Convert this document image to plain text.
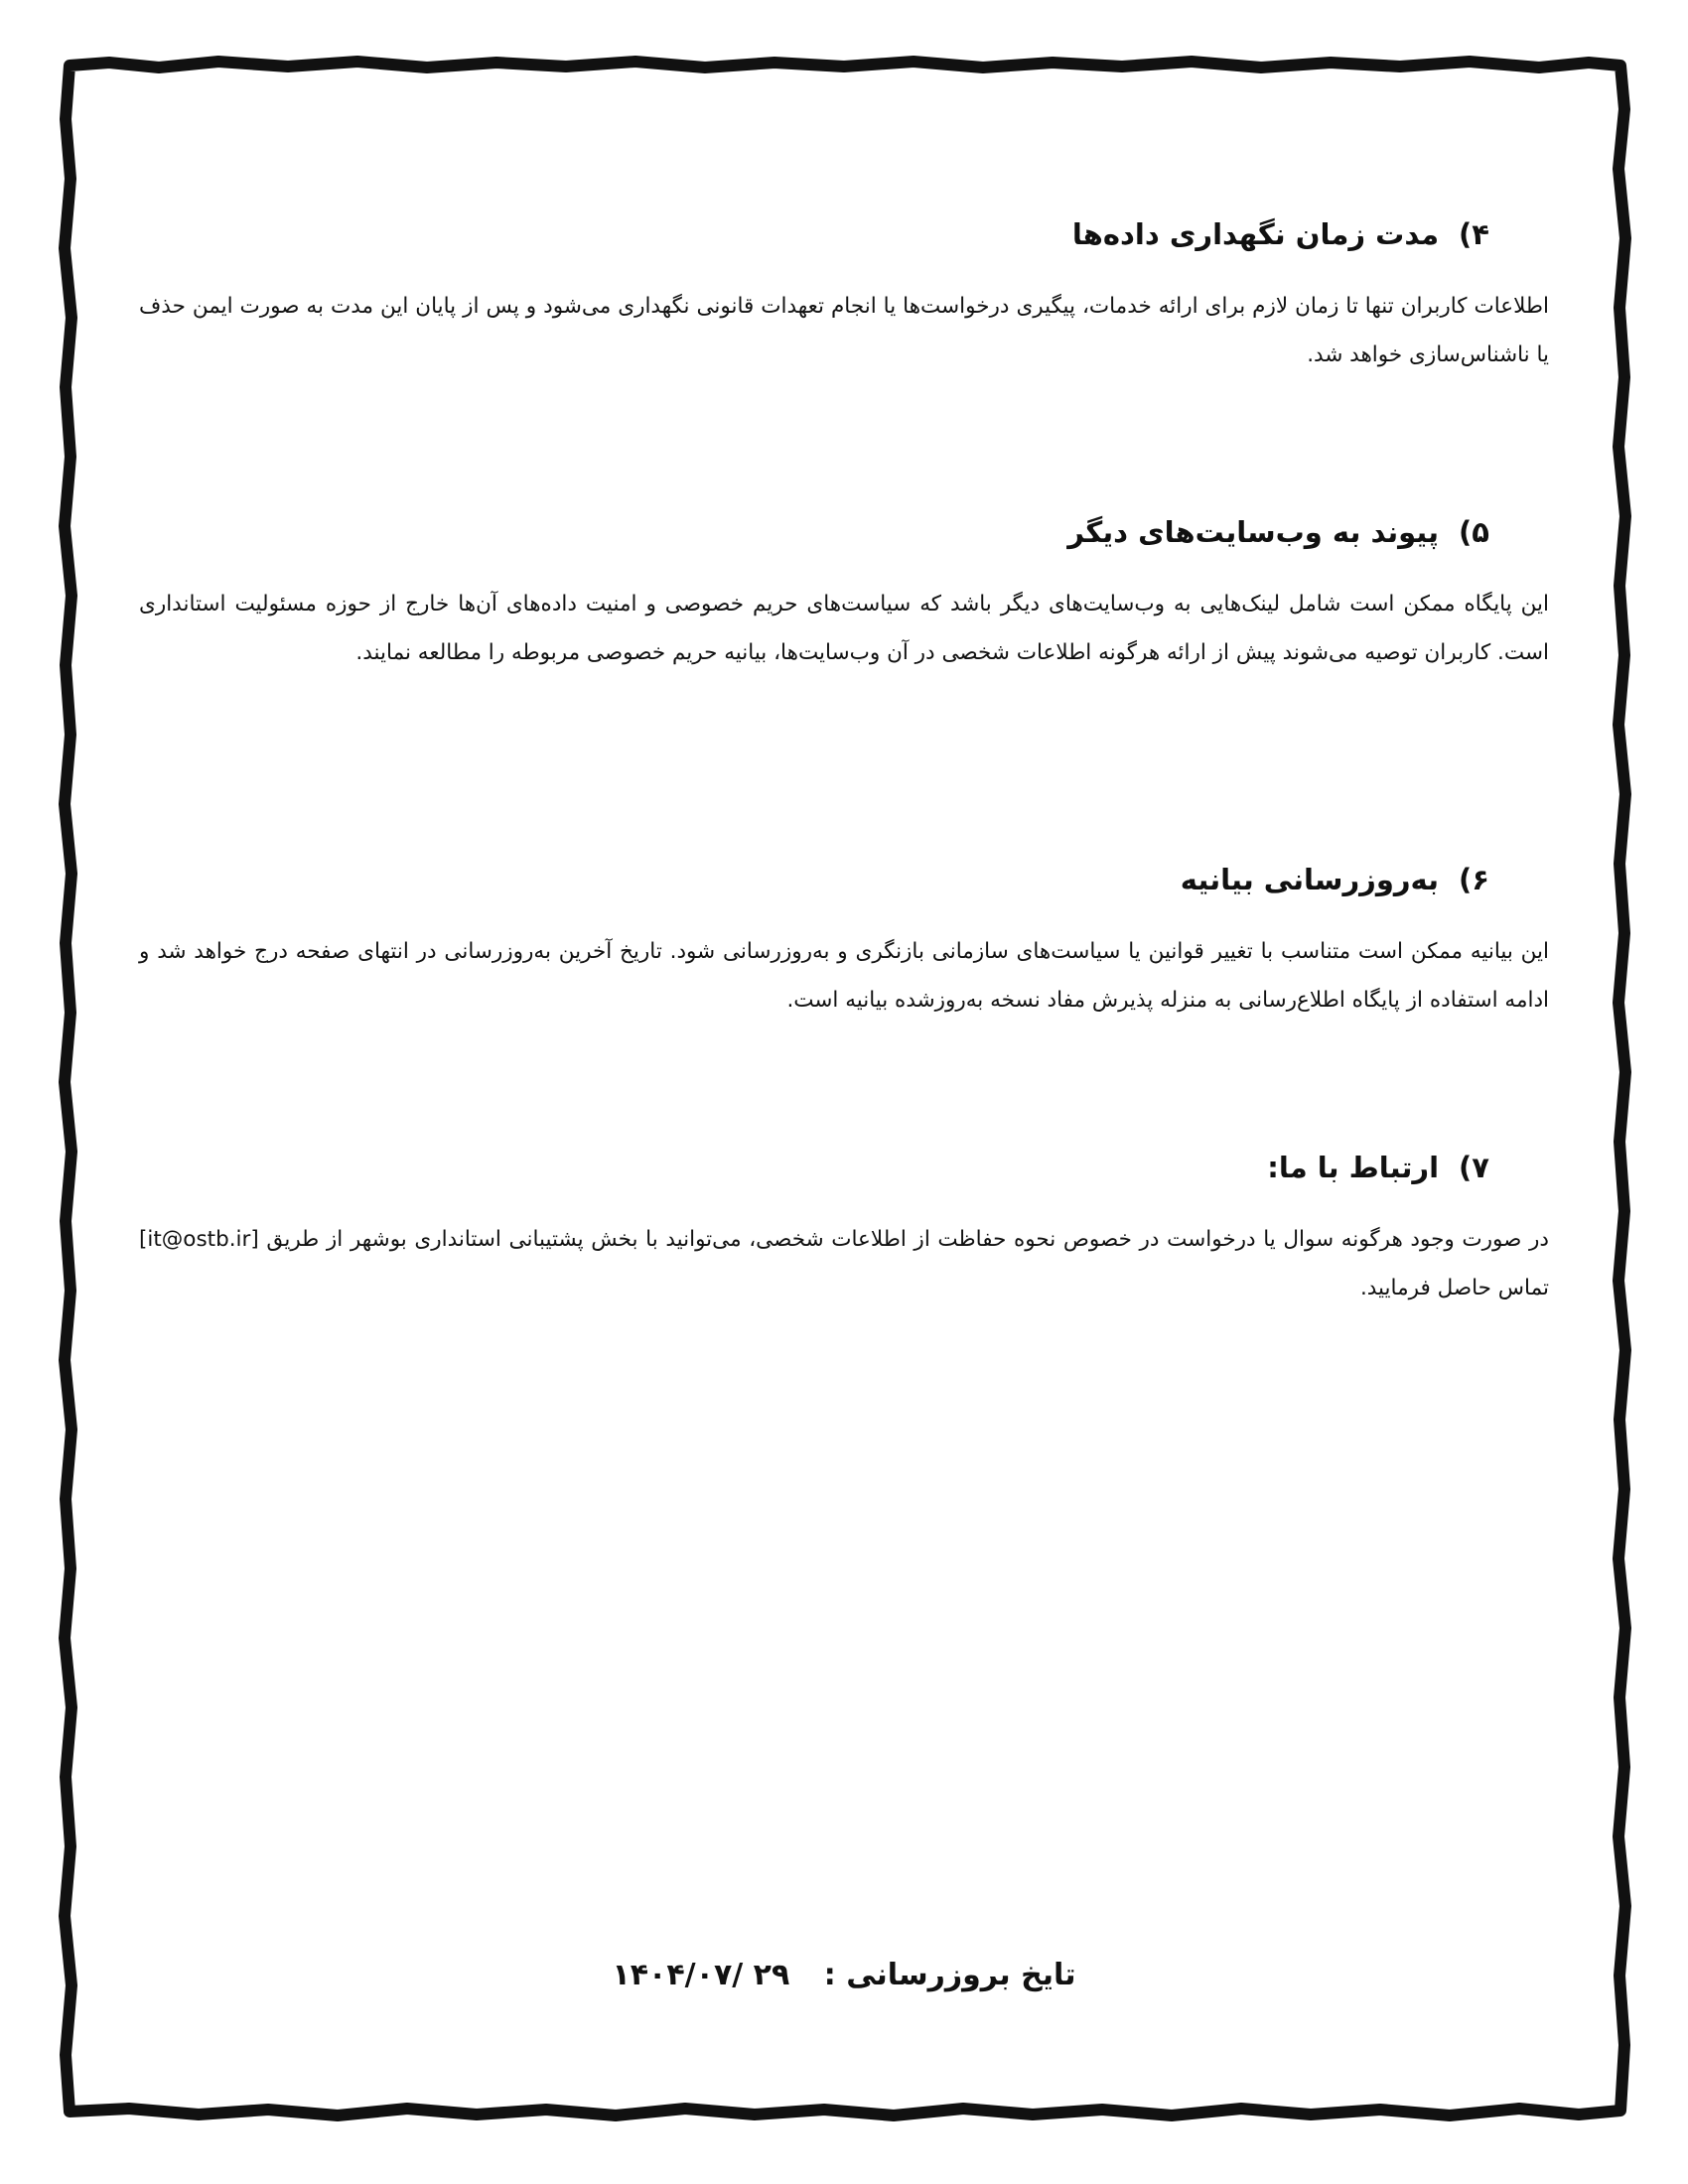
۴)
مدت زمان نگهداری داده‌ها

اطلاعات کاربران تنها تا زمان لازم برای ارائه خدمات، پیگیری درخواست‌ها یا انجام تعهدات قانونی نگهداری می‌شود و پس از پایان این مدت به صورت ایمن حذف یا ناشناس‌سازی خواهد شد.

۵)
پیوند به وب‌سایت‌های دیگر

این پایگاه ممکن است شامل لینک‌هایی به وب‌سایت‌های دیگر باشد که سیاست‌های حریم خصوصی و امنیت داده‌های آن‌ها خارج از حوزه مسئولیت استانداری است. کاربران توصیه می‌شوند پیش از ارائه هرگونه اطلاعات شخصی در آن وب‌سایت‌ها، بیانیه حریم خصوصی مربوطه را مطالعه نمایند.

۶)
به‌روزرسانی بیانیه

این بیانیه ممکن است متناسب با تغییر قوانین یا سیاست‌های سازمانی بازنگری و به‌روزرسانی شود. تاریخ آخرین به‌روزرسانی در انتهای صفحه درج خواهد شد و ادامه استفاده از پایگاه اطلاع‌رسانی به منزله پذیرش مفاد نسخه به‌روزشده بیانیه است.

۷)
ارتباط با ما:

در صورت وجود هرگونه سوال یا درخواست در خصوص نحوه حفاظت از اطلاعات شخصی، می‌توانید با بخش پشتیبانی استانداری بوشهر از طریق [it@ostb.ir] تماس حاصل فرمایید.

تایخ بروزرسانی : ۲۹ /۱۴۰۴/۰۷
